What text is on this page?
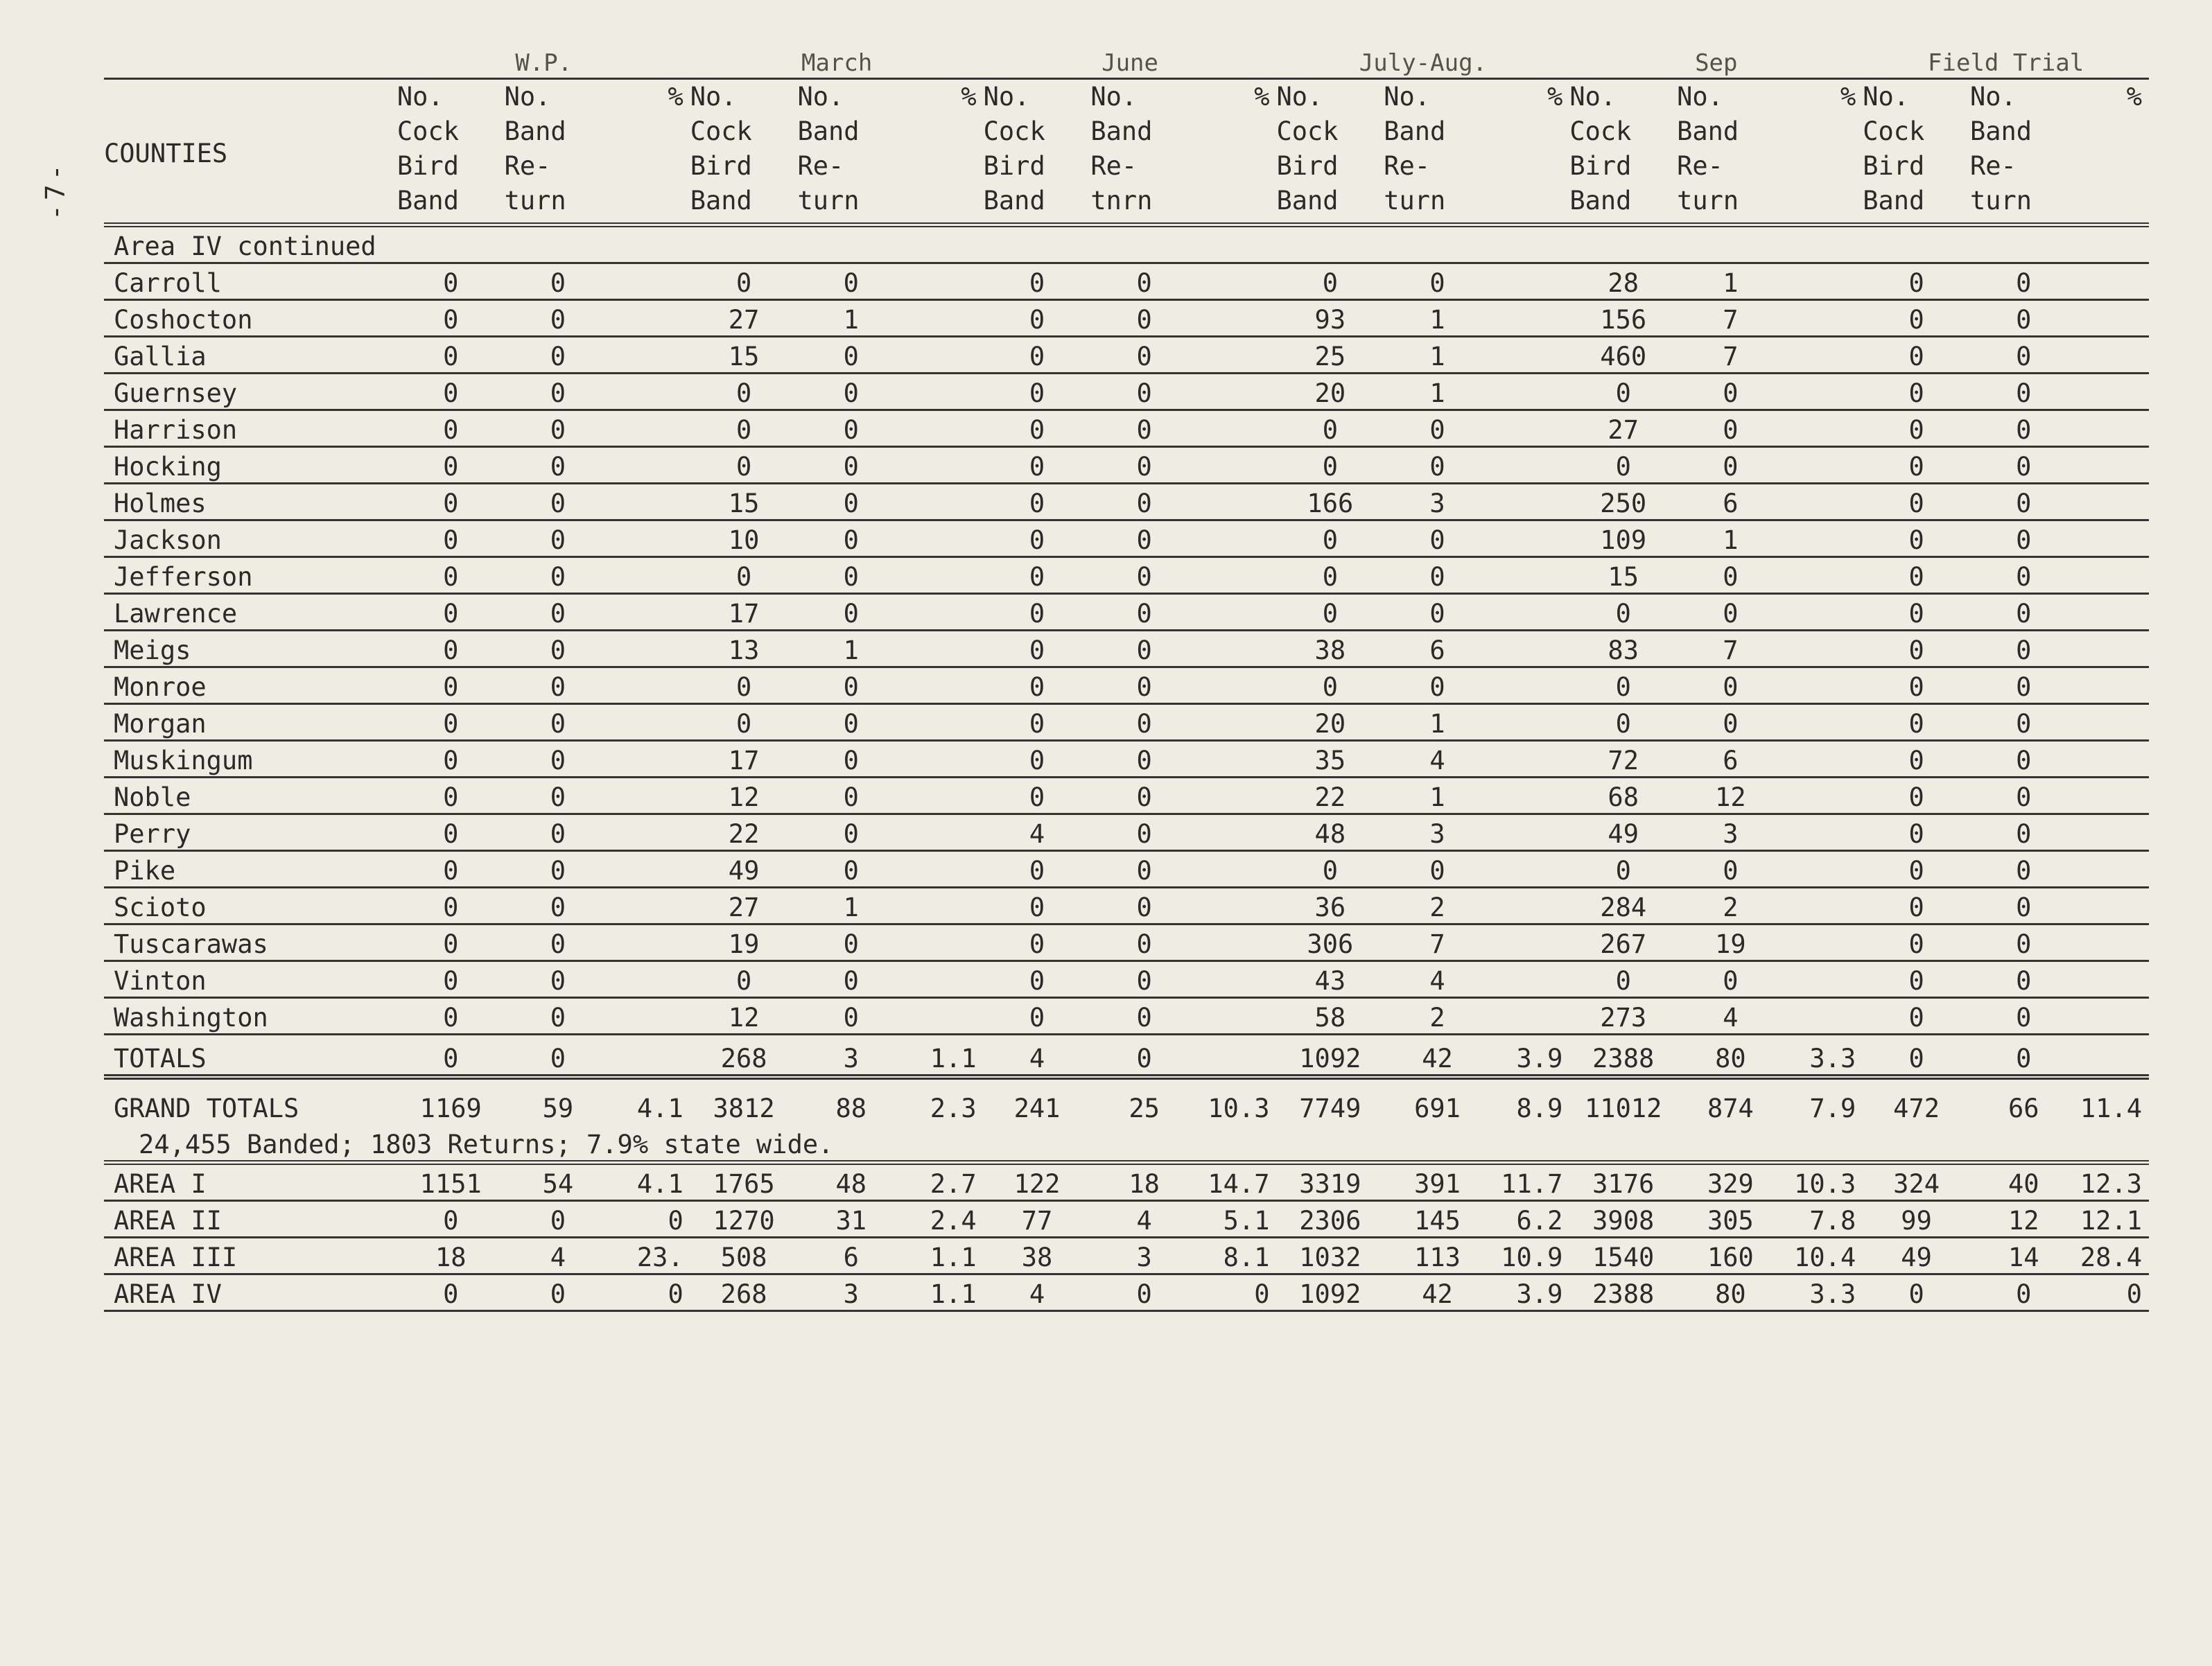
-7-
	W.P.			March			June			July-Aug.			Sep			Field Trial		
COUNTIES	No. Cock Bird Band	No. Band Re- turn	%	No. Cock Bird Band	No. Band Re- turn	%	No. Cock Bird Band	No. Band Re- tnrn	%	No. Cock Bird Band	No. Band Re- turn	%	No. Cock Bird Band	No. Band Re- turn	%	No. Cock Bird Band	No. Band Re- turn	%
Area IV continued																		
Carroll	0	0		0	0		0	0		0	0		28	1		0	0	
Coshocton	0	0		27	1		0	0		93	1		156	7		0	0	
Gallia	0	0		15	0		0	0		25	1		460	7		0	0	
Guernsey	0	0		0	0		0	0		20	1		0	0		0	0	
Harrison	0	0		0	0		0	0		0	0		27	0		0	0	
Hocking	0	0		0	0		0	0		0	0		0	0		0	0	
Holmes	0	0		15	0		0	0		166	3		250	6		0	0	
Jackson	0	0		10	0		0	0		0	0		109	1		0	0	
Jefferson	0	0		0	0		0	0		0	0		15	0		0	0	
Lawrence	0	0		17	0		0	0		0	0		0	0		0	0	
Meigs	0	0		13	1		0	0		38	6		83	7		0	0	
Monroe	0	0		0	0		0	0		0	0		0	0		0	0	
Morgan	0	0		0	0		0	0		20	1		0	0		0	0	
Muskingum	0	0		17	0		0	0		35	4		72	6		0	0	
Noble	0	0		12	0		0	0		22	1		68	12		0	0	
Perry	0	0		22	0		4	0		48	3		49	3		0	0	
Pike	0	0		49	0		0	0		0	0		0	0		0	0	
Scioto	0	0		27	1		0	0		36	2		284	2		0	0	
Tuscarawas	0	0		19	0		0	0		306	7		267	19		0	0	
Vinton	0	0		0	0		0	0		43	4		0	0		0	0	
Washington	0	0		12	0		0	0		58	2		273	4		0	0	
TOTALS	0	0		268	3	1.1	4	0		1092	42	3.9	2388	80	3.3	0	0	
GRAND TOTALS	1169	59	4.1	3812	88	2.3	241	25	10.3	7749	691	8.9	11012	874	7.9	472	66	11.4
24,455 Banded; 1803 Returns; 7.9% state wide.																		
AREA I	1151	54	4.1	1765	48	2.7	122	18	14.7	3319	391	11.7	3176	329	10.3	324	40	12.3
AREA II	0	0	0	1270	31	2.4	77	4	5.1	2306	145	6.2	3908	305	7.8	99	12	12.1
AREA III	18	4	23.	508	6	1.1	38	3	8.1	1032	113	10.9	1540	160	10.4	49	14	28.4
AREA IV	0	0	0	268	3	1.1	4	0	0	1092	42	3.9	2388	80	3.3	0	0	0
